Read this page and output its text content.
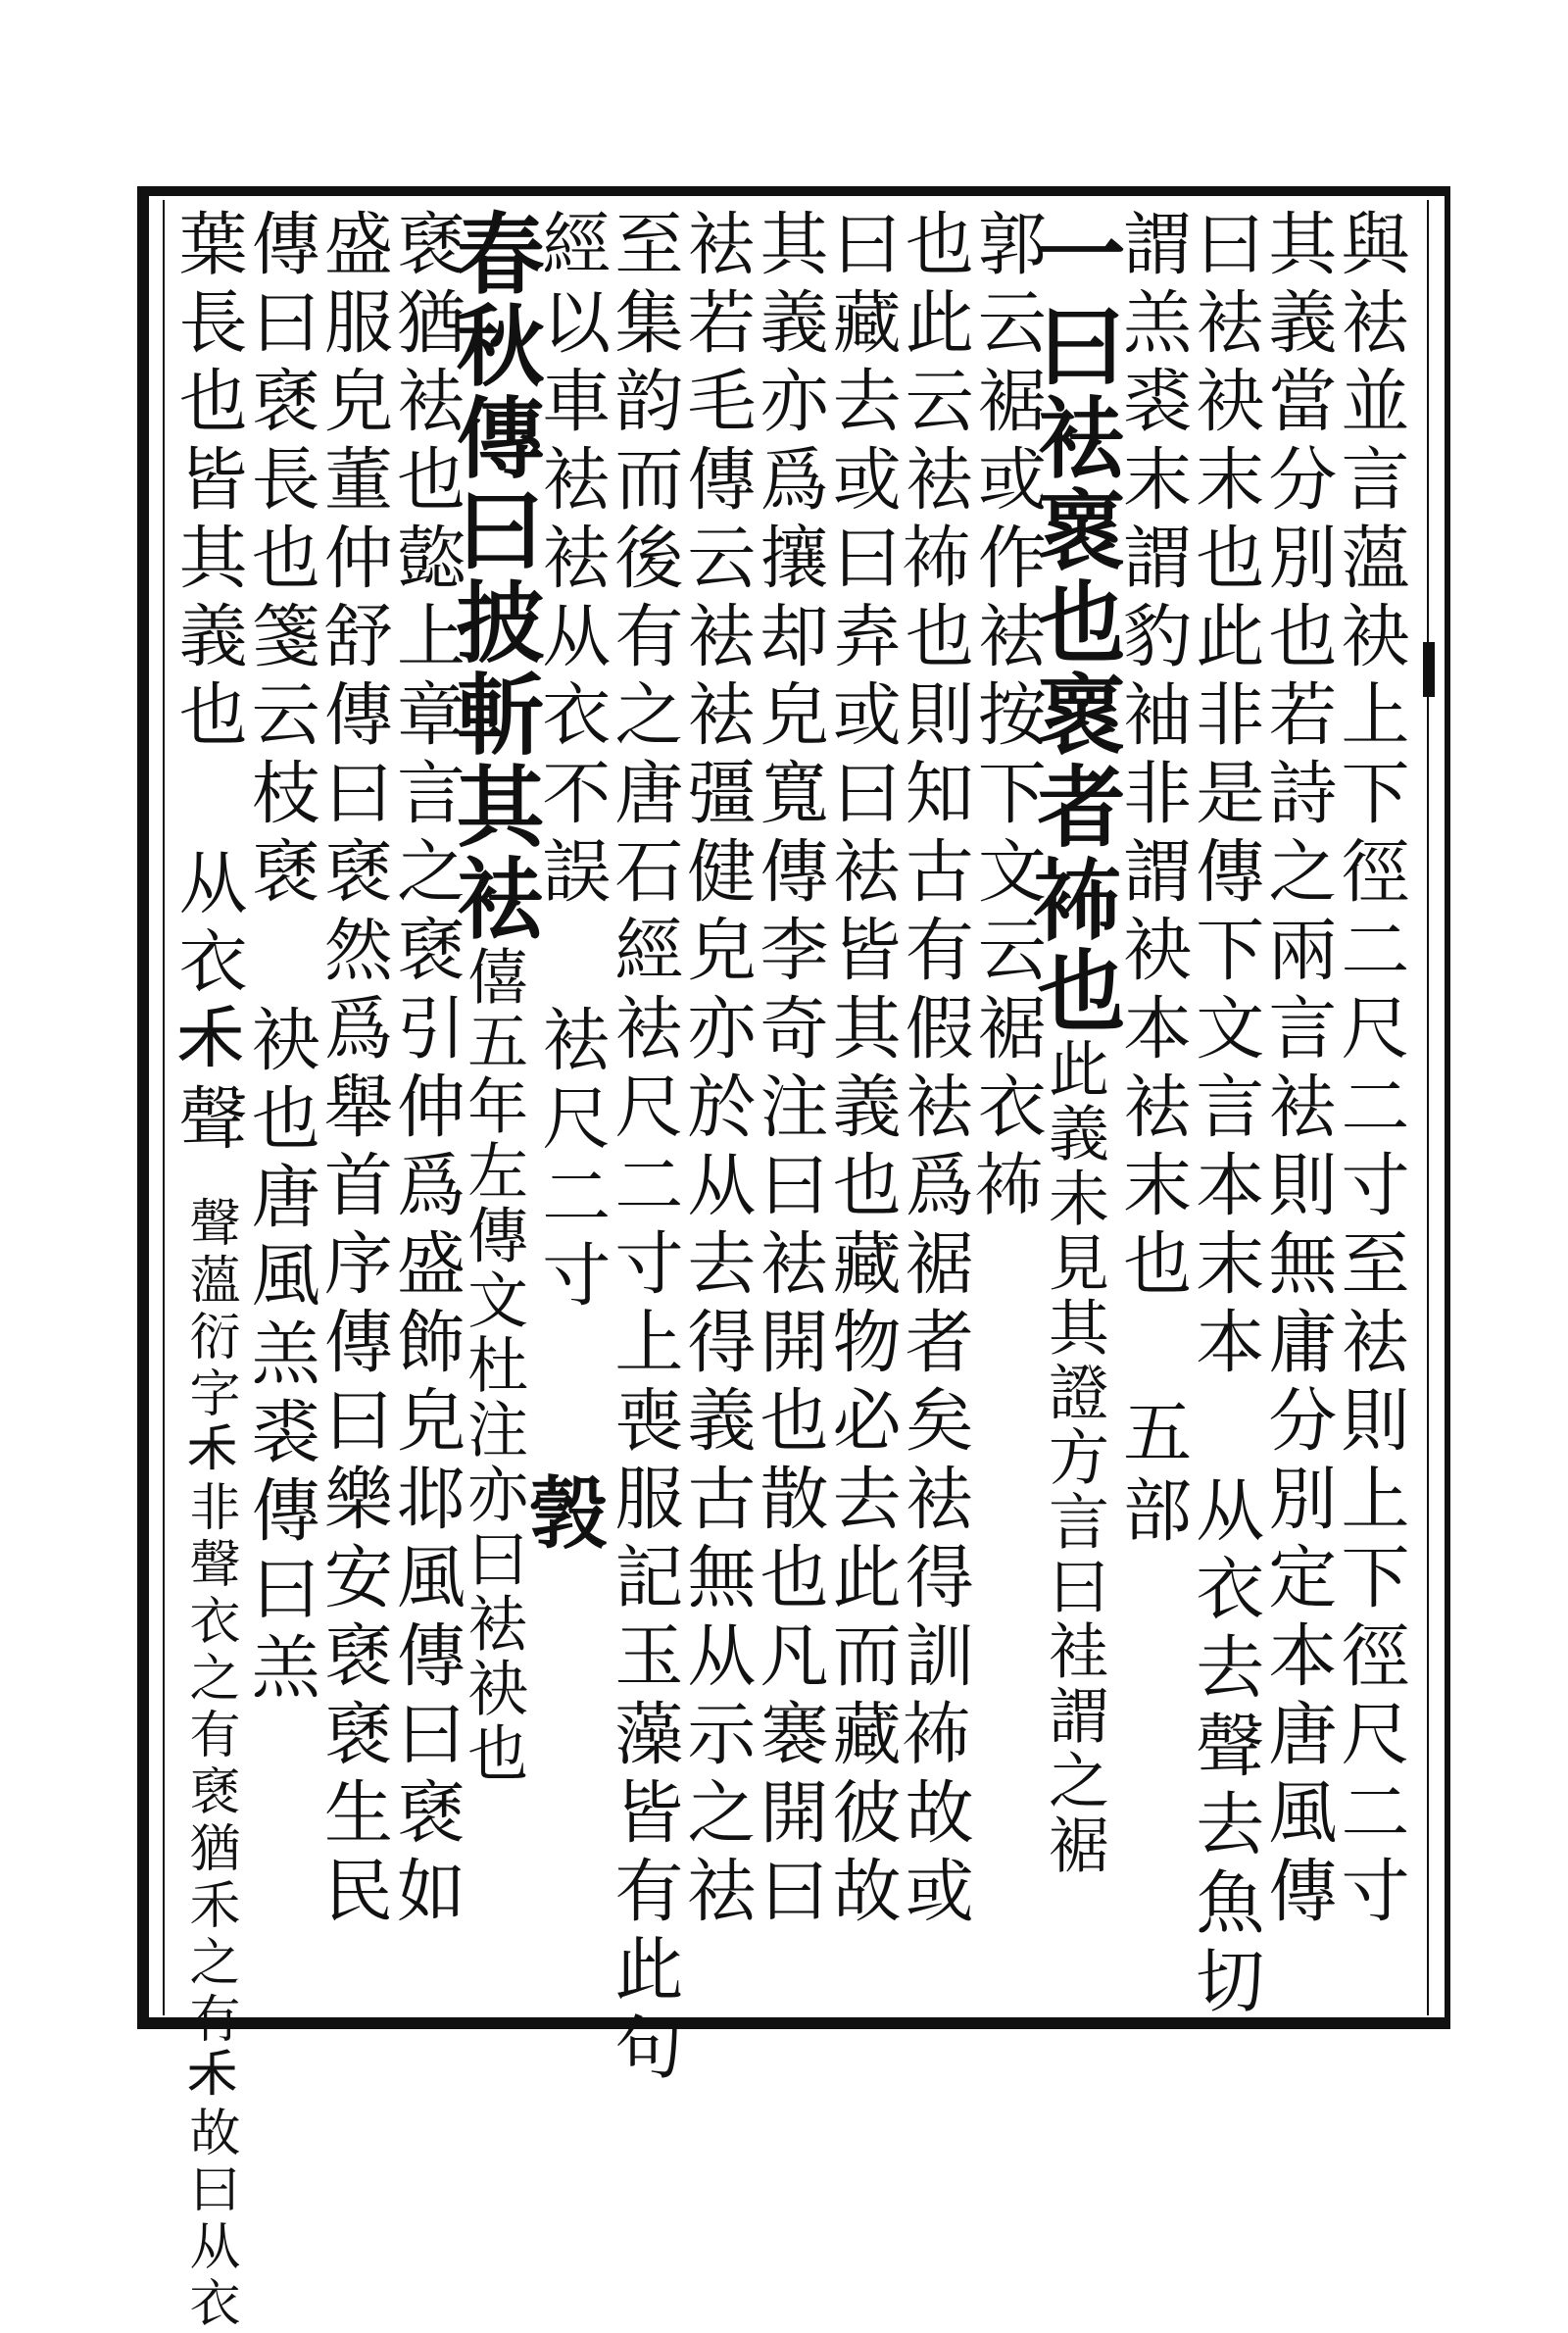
與袪並言薀袂上下徑二尺二寸至袪則上下徑尺二寸
其義當分別也若詩之兩言袪則無庸分別定本唐風傳
曰袪袂末也此非是傳下文言本末本 从衣去聲去魚切
謂羔裘末謂豹袖非謂袂本袪末也 五部
一曰袪褱也褱者𧙛也此義未見其證方言曰袿謂之裾
郭云裾或作袪按下文云裾衣𧙛
也此云袪𧙛也則知古有假袪爲裾者矣袪得訓𧙛故或
曰藏去或曰弆或曰袪皆其義也藏物必去此而藏彼故
其義亦爲攘却皃寬傳李奇注曰袪開也散也凡褰開曰
袪若毛傳云袪袪彊健皃亦於从去得義古無从示之祛
至集韵而後有之唐石經袪尺二寸上喪服記玉藻皆有此句
經以車袪袪从衣不誤 袪尺二寸
春秋傳曰披斬其袪僖五年左傳文杜注亦曰袪袂也
褎猶袪也㦤上章言之褎引伸爲盛飾皃邶風傳曰褎如
盛服皃董仲舒傳曰褎然爲舉首序傳曰樂安褎褎生民
傳曰褎長也箋云枝褎 袂也唐風羔裘傳曰羔
葉長也皆其義也 从衣𥝌聲
聲薀衍字𥝌非聲衣之有褎猶禾之有𥝌故曰从衣	㝅
